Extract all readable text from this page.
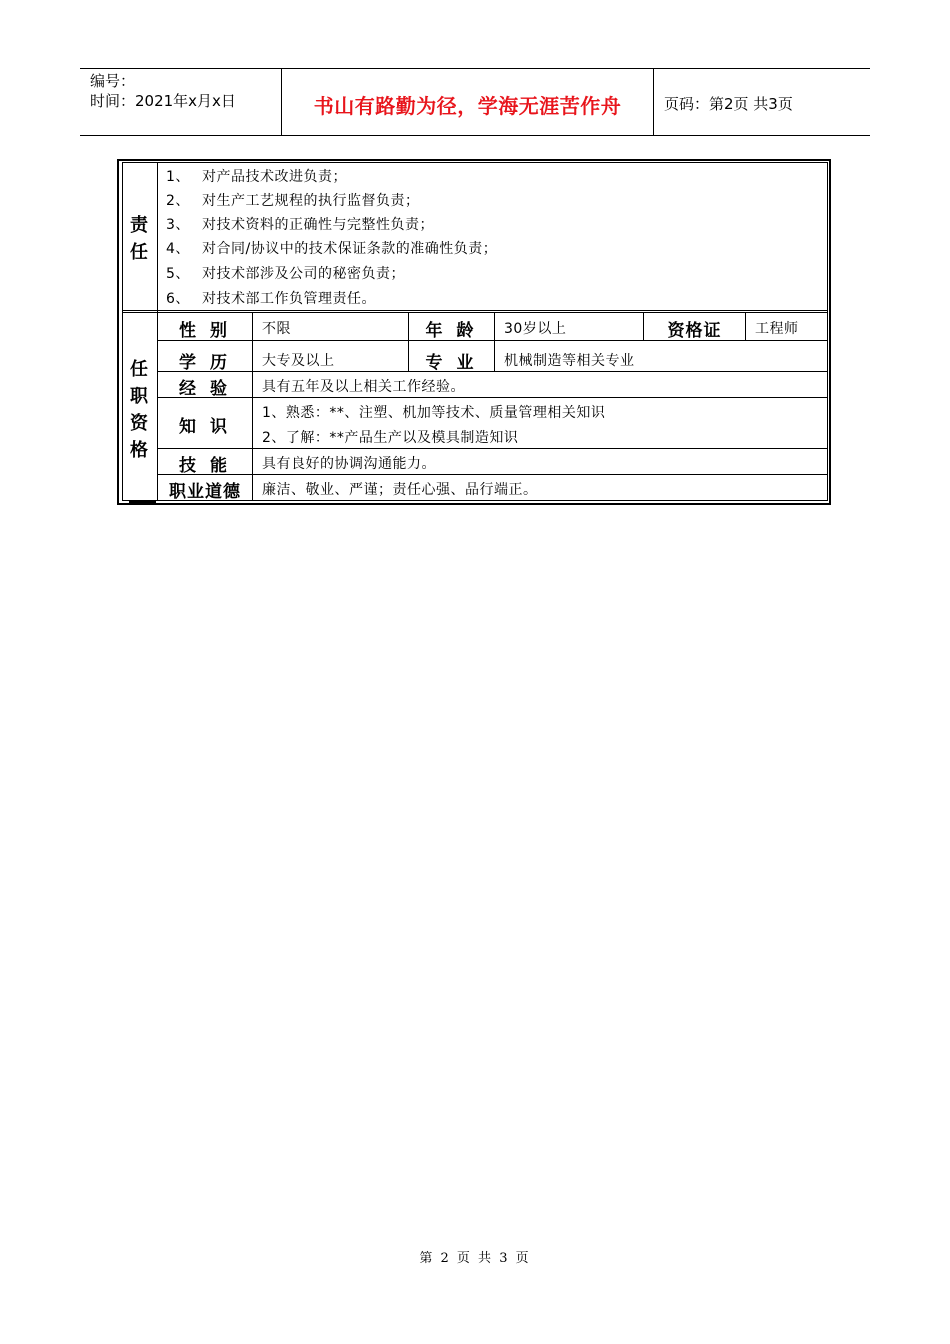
编号：
时间：2021年x月x日	书山有路勤为径，学海无涯苦作舟	页码：第2页 共3页
责
任
1、 对产品技术改进负责；
2、 对生产工艺规程的执行监督负责；
3、 对技术资料的正确性与完整性负责；
4、 对合同/协议中的技术保证条款的准确性负责；
5、 对技术部涉及公司的秘密负责；
6、 对技术部工作负管理责任。
任
职
资
格
性 别	不限	年 龄	30岁以上	资格证	工程师
学 历	大专及以上	专 业	机械制造等相关专业
经 验	具有五年及以上相关工作经验。
知 识
1、熟悉：**、注塑、机加等技术、质量管理相关知识
2、了解：**产品生产以及模具制造知识
技 能	具有良好的协调沟通能力。
职业道德	廉洁、敬业、严谨；责任心强、品行端正。
第 2 页 共 3 页
